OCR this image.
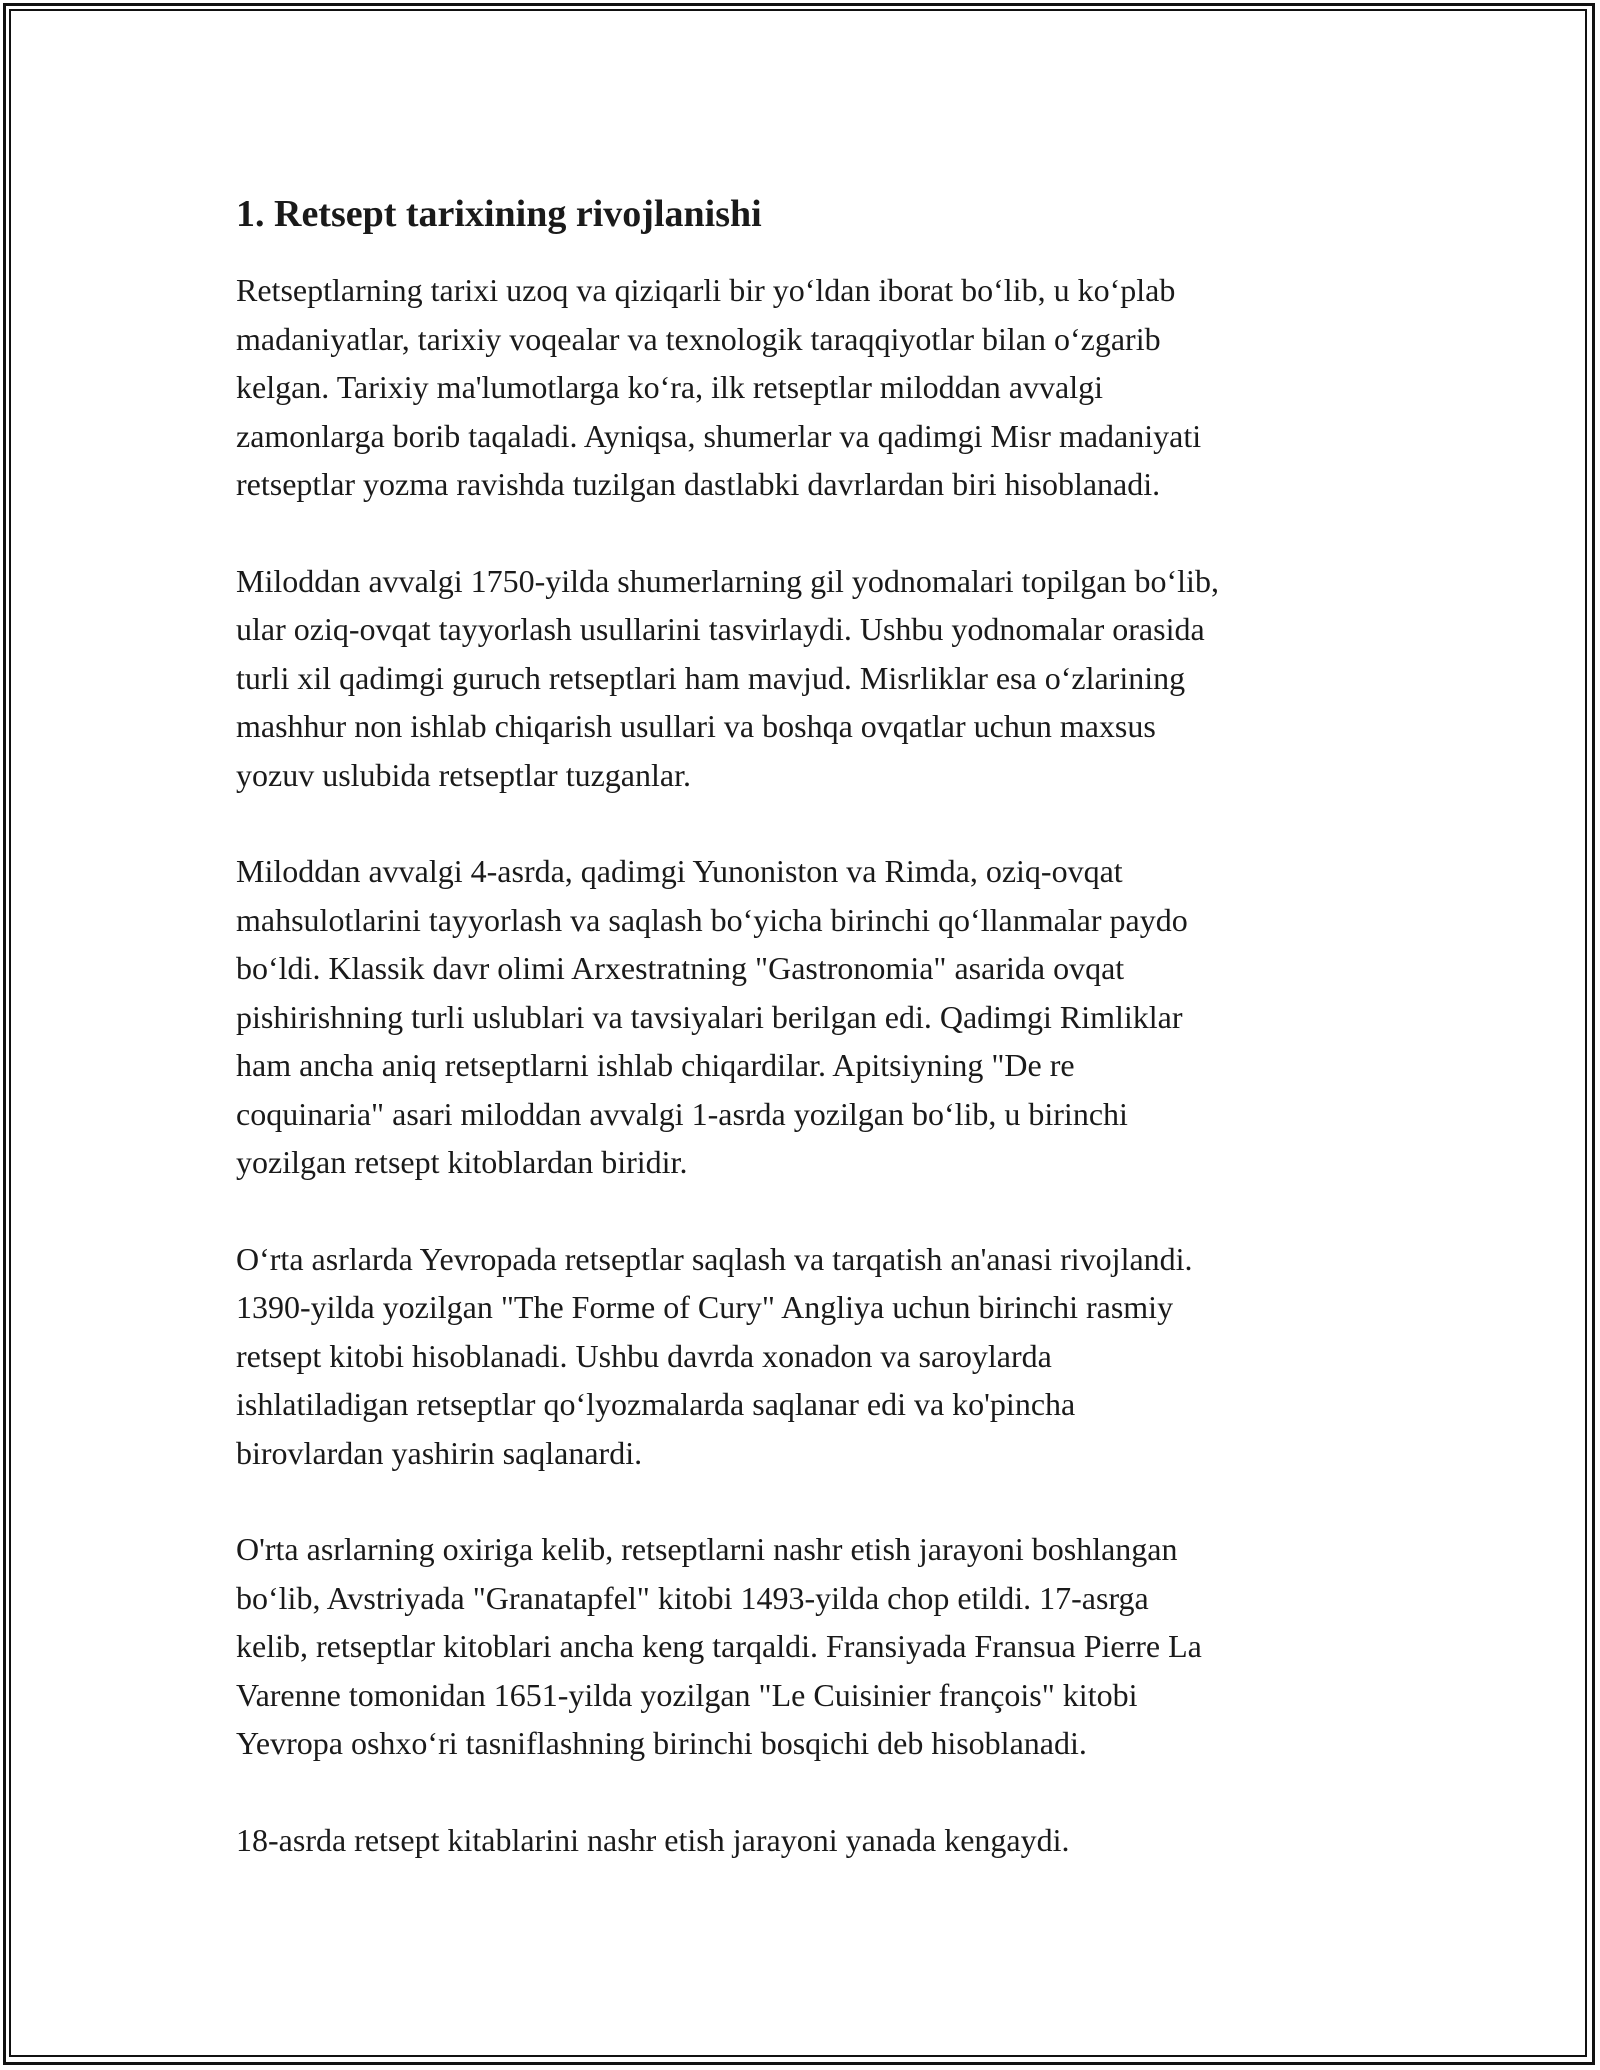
1. Retsept tarixining rivojlanishi

Retseptlarning tarixi uzoq va qiziqarli bir yo‘ldan iborat bo‘lib, u ko‘plab
madaniyatlar, tarixiy voqealar va texnologik taraqqiyotlar bilan o‘zgarib
kelgan. Tarixiy ma'lumotlarga ko‘ra, ilk retseptlar miloddan avvalgi
zamonlarga borib taqaladi. Ayniqsa, shumerlar va qadimgi Misr madaniyati
retseptlar yozma ravishda tuzilgan dastlabki davrlardan biri hisoblanadi.

Miloddan avvalgi 1750-yilda shumerlarning gil yodnomalari topilgan bo‘lib,
ular oziq-ovqat tayyorlash usullarini tasvirlaydi. Ushbu yodnomalar orasida
turli xil qadimgi guruch retseptlari ham mavjud. Misrliklar esa o‘zlarining
mashhur non ishlab chiqarish usullari va boshqa ovqatlar uchun maxsus
yozuv uslubida retseptlar tuzganlar.

Miloddan avvalgi 4-asrda, qadimgi Yunoniston va Rimda, oziq-ovqat
mahsulotlarini tayyorlash va saqlash bo‘yicha birinchi qo‘llanmalar paydo
bo‘ldi. Klassik davr olimi Arxestratning "Gastronomia" asarida ovqat
pishirishning turli uslublari va tavsiyalari berilgan edi. Qadimgi Rimliklar
ham ancha aniq retseptlarni ishlab chiqardilar. Apitsiyning "De re
coquinaria" asari miloddan avvalgi 1-asrda yozilgan bo‘lib, u birinchi
yozilgan retsept kitoblardan biridir.

O‘rta asrlarda Yevropada retseptlar saqlash va tarqatish an'anasi rivojlandi.
1390-yilda yozilgan "The Forme of Cury" Angliya uchun birinchi rasmiy
retsept kitobi hisoblanadi. Ushbu davrda xonadon va saroylarda
ishlatiladigan retseptlar qo‘lyozmalarda saqlanar edi va ko'pincha
birovlardan yashirin saqlanardi.

O'rta asrlarning oxiriga kelib, retseptlarni nashr etish jarayoni boshlangan
bo‘lib, Avstriyada "Granatapfel" kitobi 1493-yilda chop etildi. 17-asrga
kelib, retseptlar kitoblari ancha keng tarqaldi. Fransiyada Fransua Pierre La
Varenne tomonidan 1651-yilda yozilgan "Le Cuisinier françois" kitobi
Yevropa oshxo‘ri tasniflashning birinchi bosqichi deb hisoblanadi.

18-asrda retsept kitablarini nashr etish jarayoni yanada kengaydi.
